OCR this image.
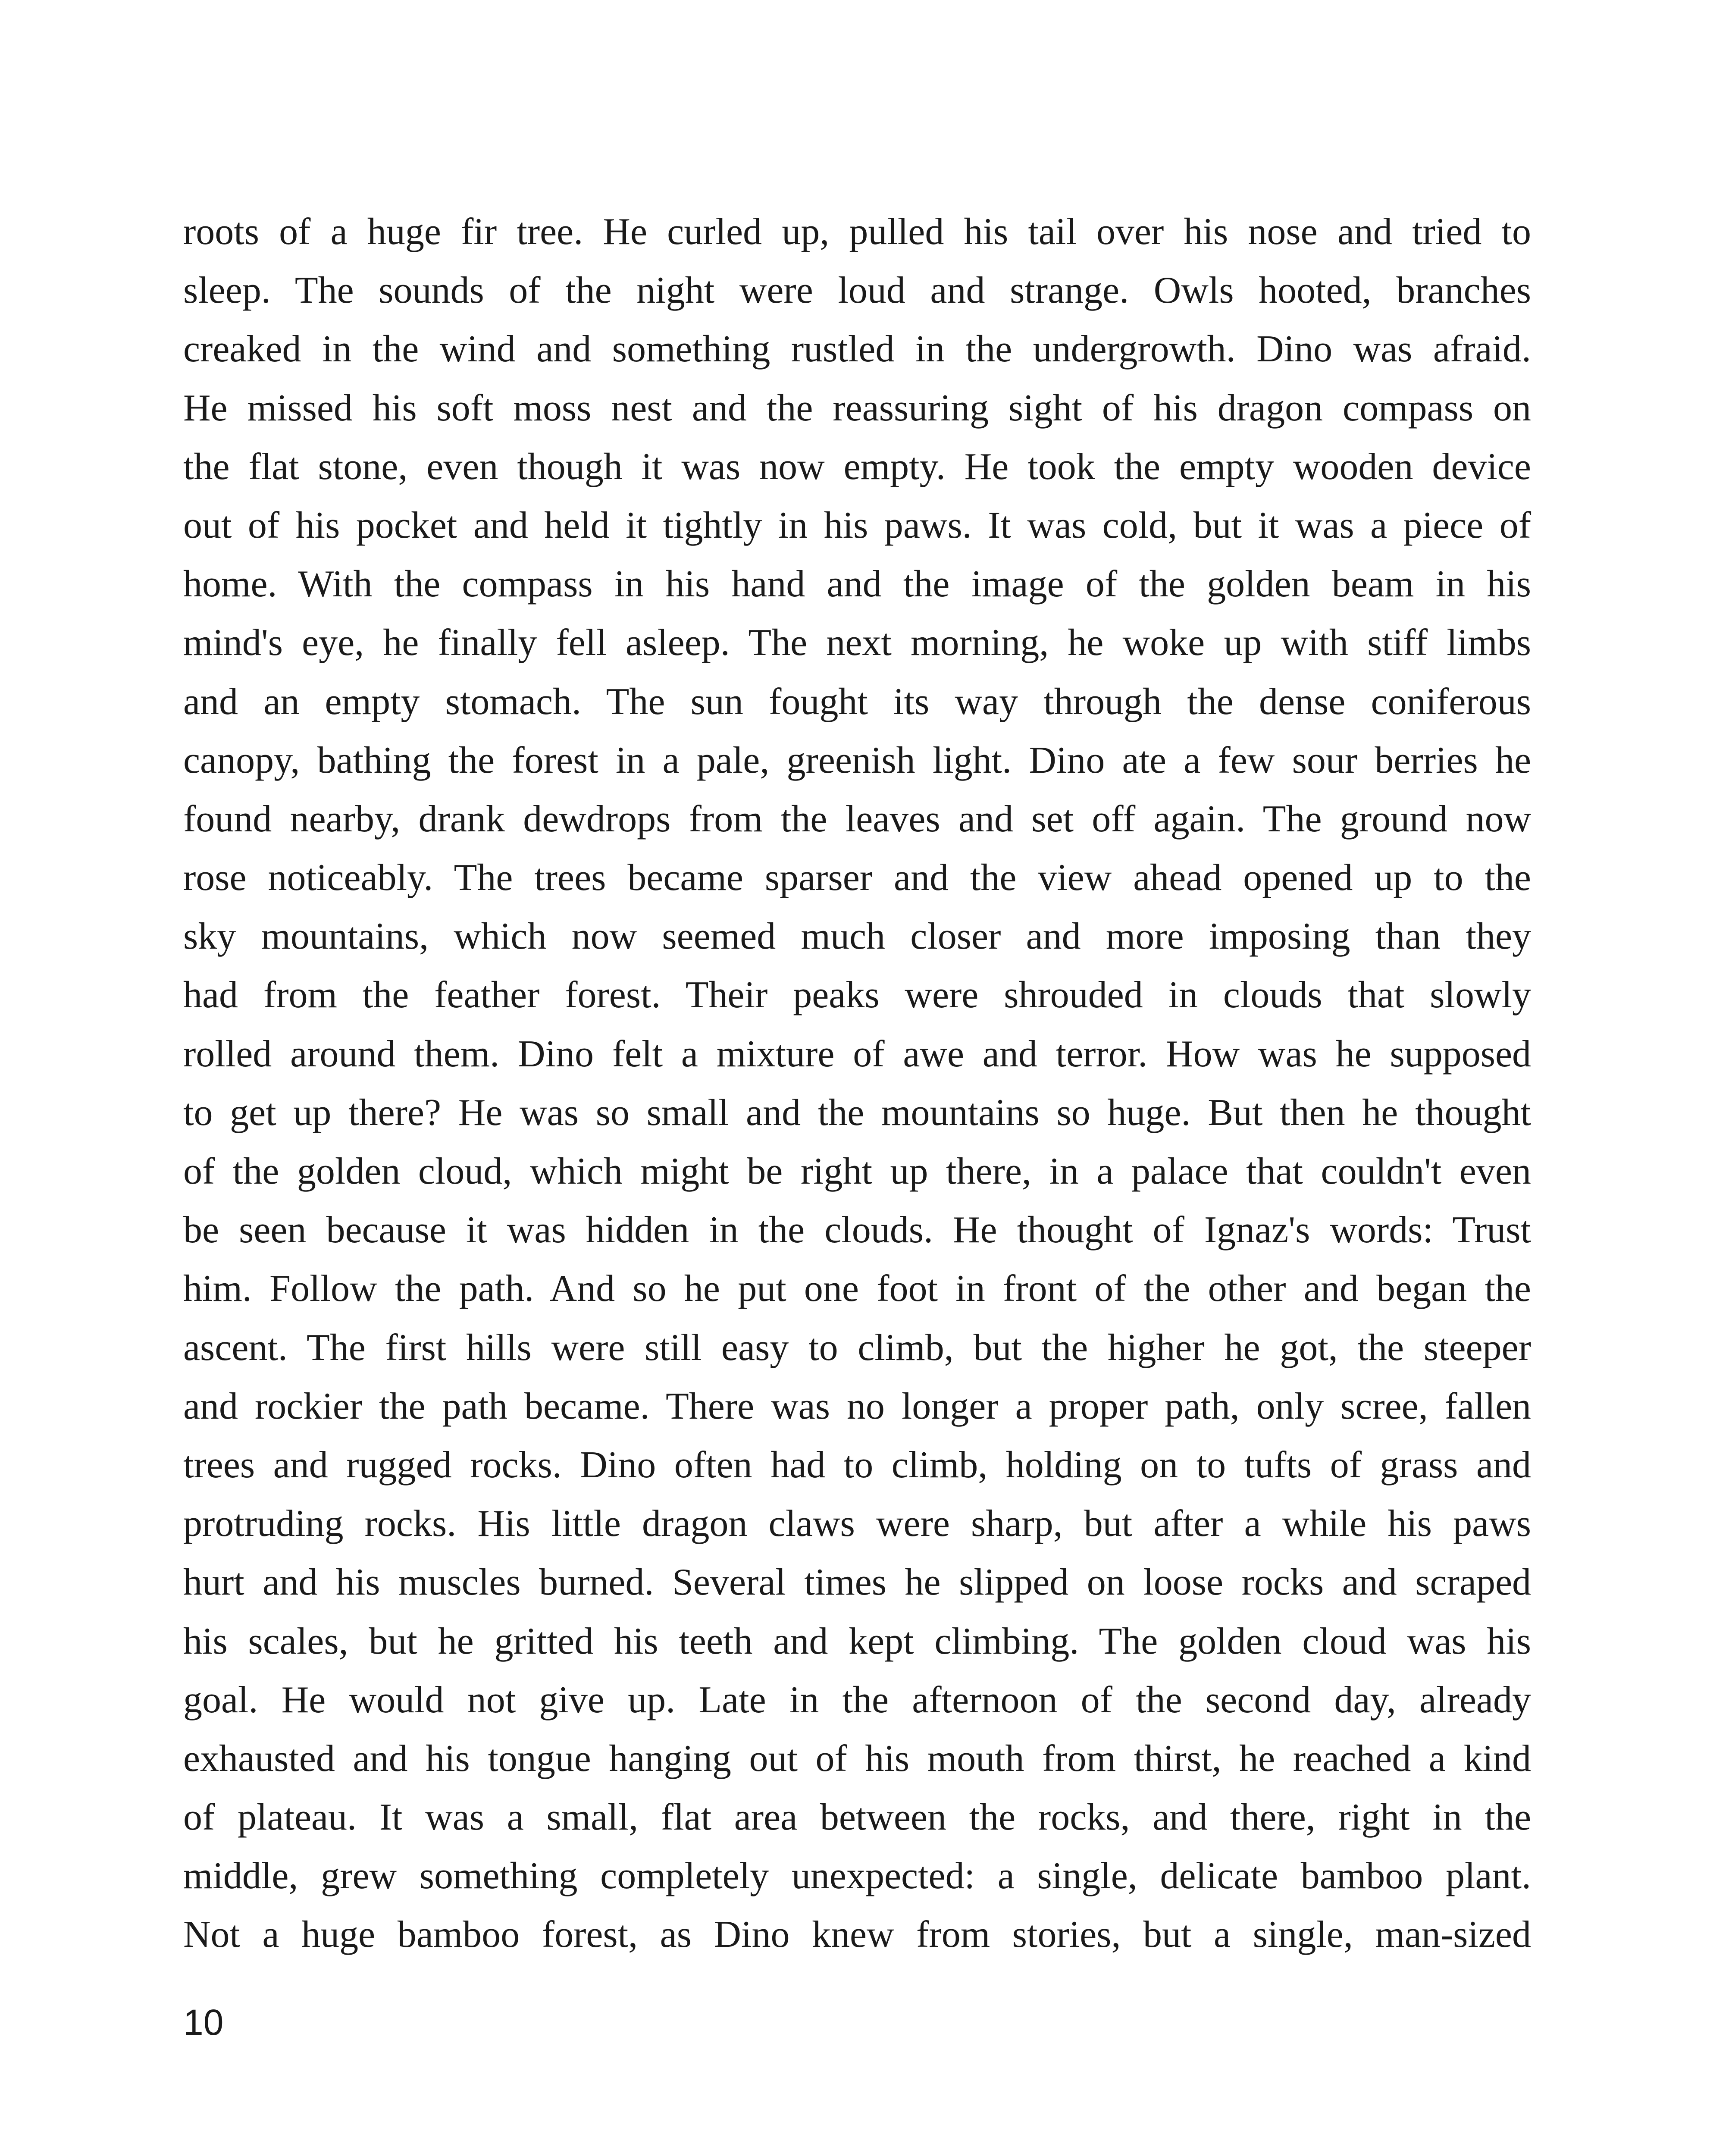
roots of a huge fir tree. He curled up, pulled his tail over his nose and tried to
sleep. The sounds of the night were loud and strange. Owls hooted, branches
creaked in the wind and something rustled in the undergrowth. Dino was afraid.
He missed his soft moss nest and the reassuring sight of his dragon compass on
the flat stone, even though it was now empty. He took the empty wooden device
out of his pocket and held it tightly in his paws. It was cold, but it was a piece of
home. With the compass in his hand and the image of the golden beam in his
mind's eye, he finally fell asleep. The next morning, he woke up with stiff limbs
and an empty stomach. The sun fought its way through the dense coniferous
canopy, bathing the forest in a pale, greenish light. Dino ate a few sour berries he
found nearby, drank dewdrops from the leaves and set off again. The ground now
rose noticeably. The trees became sparser and the view ahead opened up to the
sky mountains, which now seemed much closer and more imposing than they
had from the feather forest. Their peaks were shrouded in clouds that slowly
rolled around them. Dino felt a mixture of awe and terror. How was he supposed
to get up there? He was so small and the mountains so huge. But then he thought
of the golden cloud, which might be right up there, in a palace that couldn't even
be seen because it was hidden in the clouds. He thought of Ignaz's words: Trust
him. Follow the path. And so he put one foot in front of the other and began the
ascent. The first hills were still easy to climb, but the higher he got, the steeper
and rockier the path became. There was no longer a proper path, only scree, fallen
trees and rugged rocks. Dino often had to climb, holding on to tufts of grass and
protruding rocks. His little dragon claws were sharp, but after a while his paws
hurt and his muscles burned. Several times he slipped on loose rocks and scraped
his scales, but he gritted his teeth and kept climbing. The golden cloud was his
goal. He would not give up. Late in the afternoon of the second day, already
exhausted and his tongue hanging out of his mouth from thirst, he reached a kind
of plateau. It was a small, flat area between the rocks, and there, right in the
middle, grew something completely unexpected: a single, delicate bamboo plant.
Not a huge bamboo forest, as Dino knew from stories, but a single, man-sized
10
